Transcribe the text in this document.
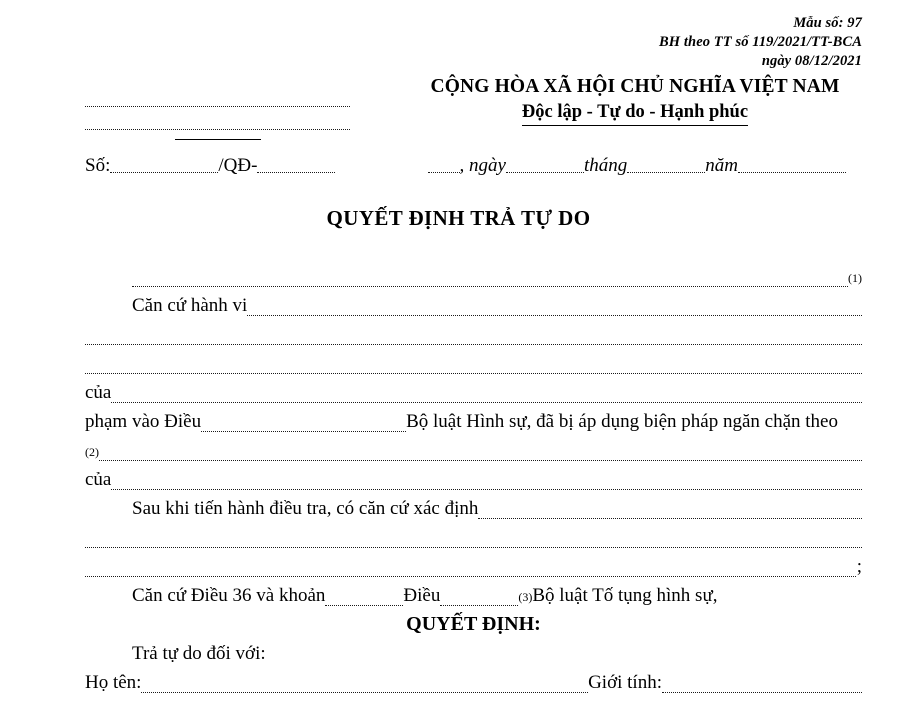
Mẫu số: 97
BH theo TT số 119/2021/TT-BCA
ngày 08/12/2021
CỘNG HÒA XÃ HỘI CHỦ NGHĨA VIỆT NAM
Độc lập - Tự do - Hạnh phúc
Số:	/QĐ-	, ngày	tháng	năm
QUYẾT ĐỊNH TRẢ TỰ DO
(1)
Căn cứ hành vi
của
phạm vào Điều	Bộ luật Hình sự, đã bị áp dụng biện pháp ngăn chặn theo
(2)
của
Sau khi tiến hành điều tra, có căn cứ xác định
;
Căn cứ Điều 36 và khoản	Điều	(3) Bộ luật Tố tụng hình sự,
QUYẾT ĐỊNH:
Trả tự do đối với:
Họ tên:	Giới tính:
